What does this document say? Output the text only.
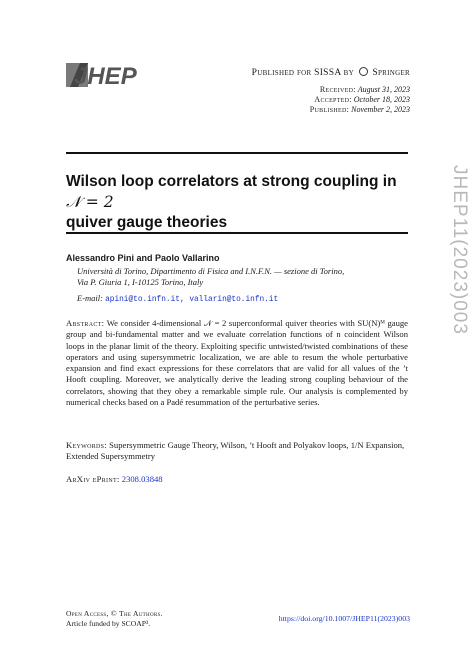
JHEP	Published for SISSA by Springer
Received: August 31, 2023
Accepted: October 18, 2023
Published: November 2, 2023
Wilson loop correlators at strong coupling in 𝒩 = 2
quiver gauge theories	JHEP11(2023)003
Alessandro Pini and Paolo Vallarino
Università di Torino, Dipartimento di Fisica and I.N.F.N. — sezione di Torino,
Via P. Giuria 1, I-10125 Torino, Italy
E-mail: apini@to.infn.it, vallarin@to.infn.it
Abstract: We consider 4-dimensional 𝒩 = 2 superconformal quiver theories with SU(N)ᴹ gauge group and bi-fundamental matter and we evaluate correlation functions of n coincident Wilson loops in the planar limit of the theory. Exploiting specific untwisted/twisted combinations of these operators and using supersymmetric localization, we are able to resum the whole perturbative expansion and find exact expressions for these correlators that are valid for all values of the ’t Hooft coupling. Moreover, we analytically derive the leading strong coupling behaviour of the correlators, showing that they obey a remarkable simple rule. Our analysis is complemented by numerical checks based on a Padé resummation of the perturbative series.
Keywords: Supersymmetric Gauge Theory, Wilson, ’t Hooft and Polyakov loops, 1/N Expansion, Extended Supersymmetry
ArXiv ePrint: 2308.03848
Open Access, © The Authors.
Article funded by SCOAP³.
https://doi.org/10.1007/JHEP11(2023)003
